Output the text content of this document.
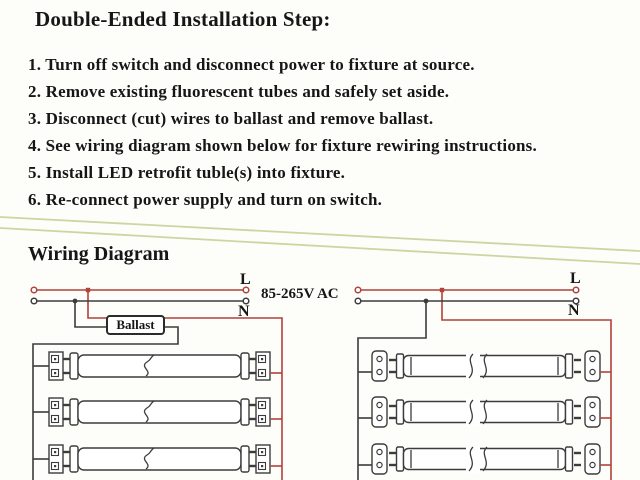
Double-Ended Installation Step:

1. Turn off switch and disconnect power to fixture at source.

2. Remove existing fluorescent tubes and safely set aside.

3. Disconnect (cut) wires to ballast and remove ballast.

4. See wiring diagram shown below for fixture rewiring instructions.

5. Install LED retrofit tuble(s) into fixture.

6. Re-connect power supply and turn on switch.

Wiring Diagram
L
N
85-265V AC
L
N
Ballast
